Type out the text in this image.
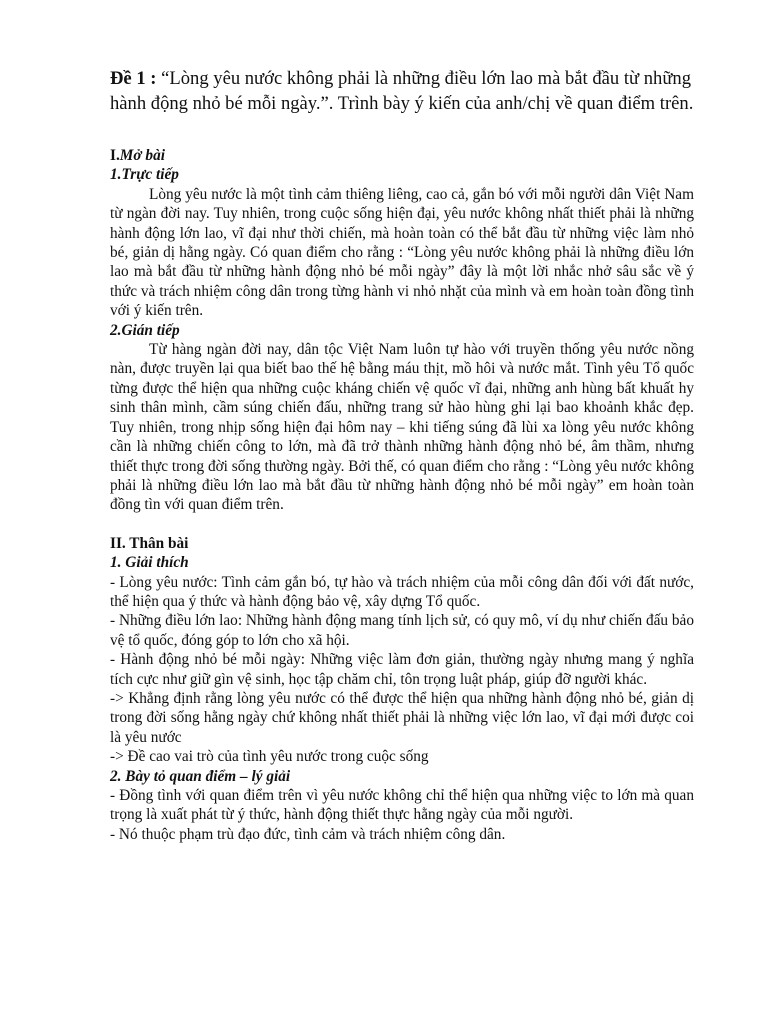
Đề 1 : “Lòng yêu nước không phải là những điều lớn lao mà bắt đầu từ những hành động nhỏ bé mỗi ngày.”. Trình bày ý kiến của anh/chị về quan điểm trên.

I.Mở bài

1.Trực tiếp

Lòng yêu nước là một tình cảm thiêng liêng, cao cả, gắn bó với mỗi người dân Việt Nam từ ngàn đời nay. Tuy nhiên, trong cuộc sống hiện đại, yêu nước không nhất thiết phải là những hành động lớn lao, vĩ đại như thời chiến, mà hoàn toàn có thể bắt đầu từ những việc làm nhỏ bé, giản dị hằng ngày. Có quan điểm cho rằng : “Lòng yêu nước không phải là những điều lớn lao mà bắt đầu từ những hành động nhỏ bé mỗi ngày” đây là một lời nhắc nhở sâu sắc về ý thức và trách nhiệm công dân trong từng hành vi nhỏ nhặt của mình và em hoàn toàn đồng tình với ý kiến trên.

2.Gián tiếp

Từ hàng ngàn đời nay, dân tộc Việt Nam luôn tự hào với truyền thống yêu nước nồng nàn, được truyền lại qua biết bao thế hệ bằng máu thịt, mồ hôi và nước mắt. Tình yêu Tổ quốc từng được thể hiện qua những cuộc kháng chiến vệ quốc vĩ đại, những anh hùng bất khuất hy sinh thân mình, cầm súng chiến đấu, những trang sử hào hùng ghi lại bao khoảnh khắc đẹp. Tuy nhiên, trong nhịp sống hiện đại hôm nay – khi tiếng súng đã lùi xa lòng yêu nước không cần là những chiến công to lớn, mà đã trở thành những hành động nhỏ bé, âm thầm, nhưng thiết thực trong đời sống thường ngày. Bởi thế, có quan điểm cho rằng : “Lòng yêu nước không phải là những điều lớn lao mà bắt đầu từ những hành động nhỏ bé mỗi ngày” em hoàn toàn đồng tìn với quan điểm trên.

II. Thân bài

1. Giải thích

- Lòng yêu nước: Tình cảm gắn bó, tự hào và trách nhiệm của mỗi công dân đối với đất nước, thể hiện qua ý thức và hành động bảo vệ, xây dựng Tổ quốc.

- Những điều lớn lao: Những hành động mang tính lịch sử, có quy mô, ví dụ như chiến đấu bảo vệ tổ quốc, đóng góp to lớn cho xã hội.

- Hành động nhỏ bé mỗi ngày: Những việc làm đơn giản, thường ngày nhưng mang ý nghĩa tích cực như giữ gìn vệ sinh, học tập chăm chỉ, tôn trọng luật pháp, giúp đỡ người khác.

-> Khẳng định rằng lòng yêu nước có thể được thể hiện qua những hành động nhỏ bé, giản dị trong đời sống hằng ngày chứ không nhất thiết phải là những việc lớn lao, vĩ đại mới được coi là yêu nước

-> Đề cao vai trò của tình yêu nước trong cuộc sống

2. Bày tỏ quan điểm – lý giải

- Đồng tình với quan điểm trên vì yêu nước không chỉ thể hiện qua những việc to lớn mà quan trọng là xuất phát từ ý thức, hành động thiết thực hằng ngày của mỗi người.

- Nó thuộc phạm trù đạo đức, tình cảm và trách nhiệm công dân.
